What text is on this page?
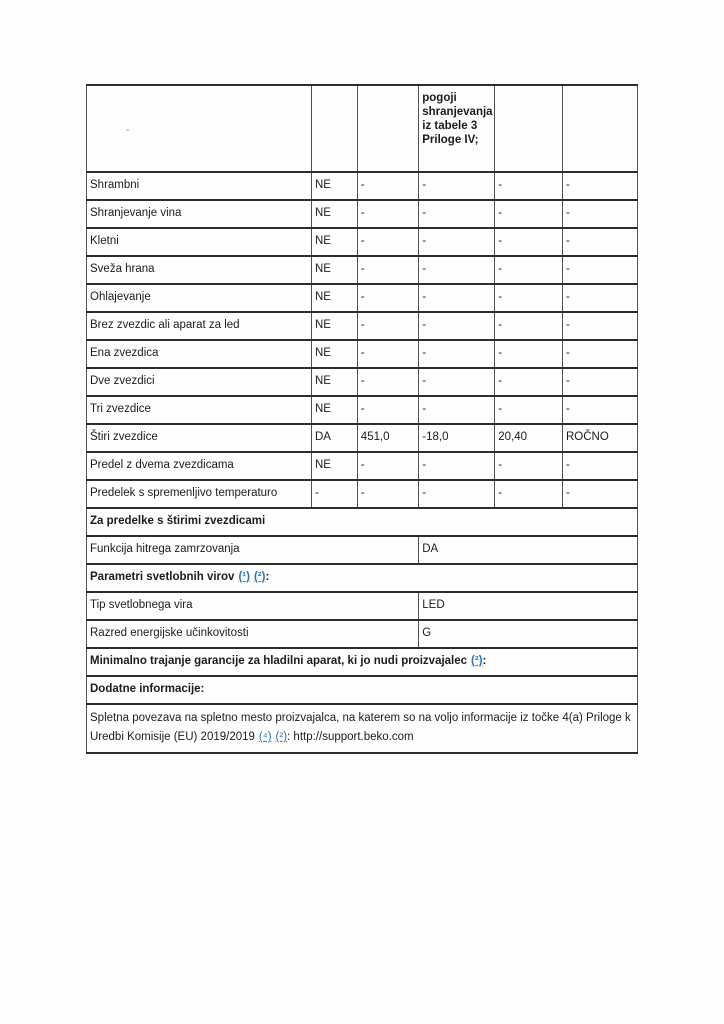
			pogoji shranjevanja iz tabele 3 Priloge IV;		
Shrambni	NE	-	-	-	-
Shranjevanje vina	NE	-	-	-	-
Kletni	NE	-	-	-	-
Sveža hrana	NE	-	-	-	-
Ohlajevanje	NE	-	-	-	-
Brez zvezdic ali aparat za led	NE	-	-	-	-
Ena zvezdica	NE	-	-	-	-
Dve zvezdici	NE	-	-	-	-
Tri zvezdice	NE	-	-	-	-
Štiri zvezdice	DA	451,0	-18,0	20,40	ROČNO
Predel z dvema zvezdicama	NE	-	-	-	-
Predelek s spremenljivo temperaturo	-	-	-	-	-
Za predelke s štirimi zvezdicami					
Funkcija hitrega zamrzovanja			DA		
Parametri svetlobnih virov (¹) (²):					
Tip svetlobnega vira			LED		
Razred energijske učinkovitosti			G		
Minimalno trajanje garancije za hladilni aparat, ki jo nudi proizvajalec (²):					
Dodatne informacije:					
Spletna povezava na spletno mesto proizvajalca, na katerem so na voljo informacije iz točke 4(a) Priloge k Uredbi Komisije (EU) 2019/2019 (⁴) (²): http://support.beko.com					
